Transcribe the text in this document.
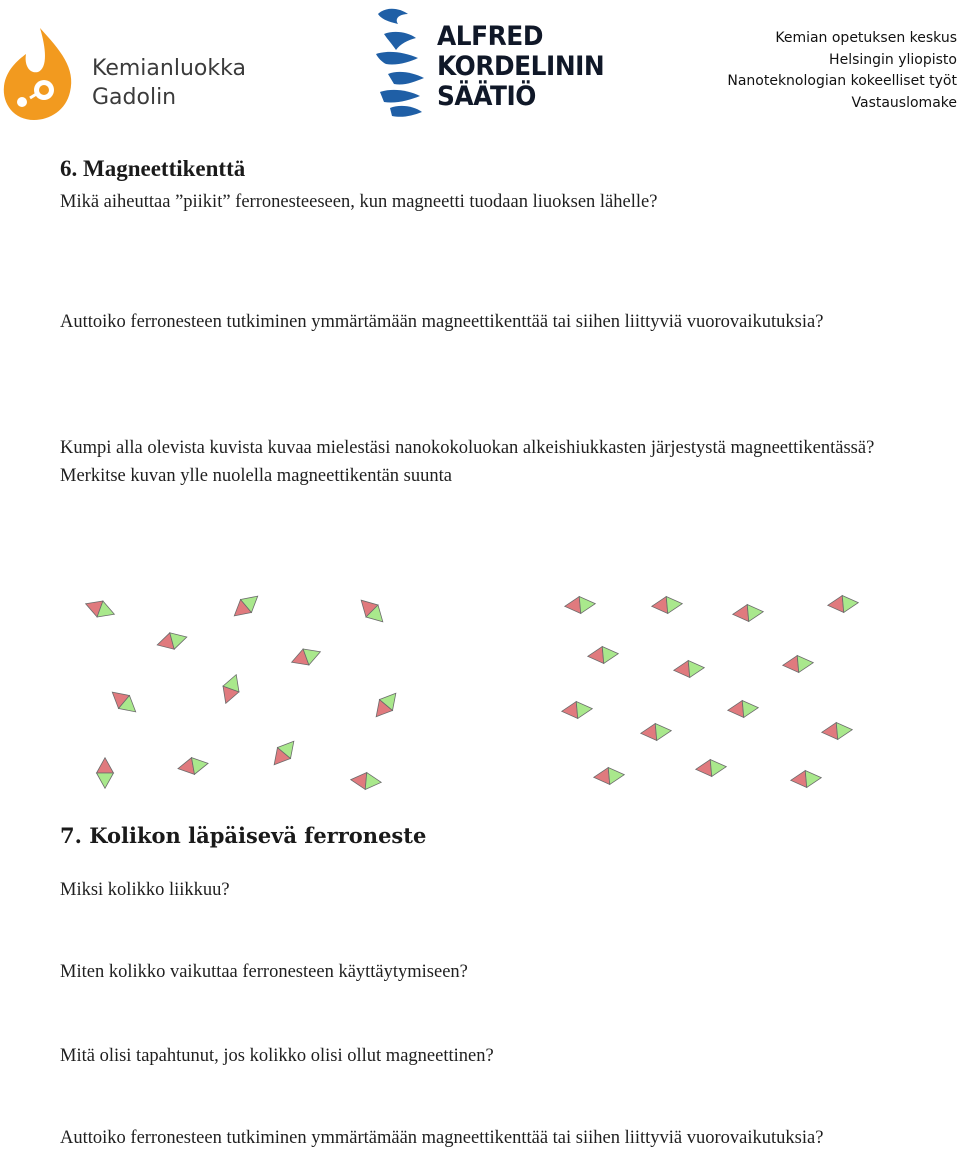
Kemianluokka
Gadolin
ALFRED
KORDELININ
SÄÄTIÖ
Kemian opetuksen keskus
Helsingin yliopisto
Nanoteknologian kokeelliset työt
Vastauslomake
6. Magneettikenttä

Mikä aiheuttaa ”piikit” ferronesteeseen, kun magneetti tuodaan liuoksen lähelle?

Auttoiko ferronesteen tutkiminen ymmärtämään magneettikenttää tai siihen liittyviä vuorovaikutuksia?

Kumpi alla olevista kuvista kuvaa mielestäsi nanokokoluokan alkeishiukkasten järjestystä magneettikentässä? Merkitse kuvan ylle nuolella magneettikentän suunta

7. Kolikon läpäisevä ferroneste

Miksi kolikko liikkuu?

Miten kolikko vaikuttaa ferronesteen käyttäytymiseen?

Mitä olisi tapahtunut, jos kolikko olisi ollut magneettinen?

Auttoiko ferronesteen tutkiminen ymmärtämään magneettikenttää tai siihen liittyviä vuorovaikutuksia?
